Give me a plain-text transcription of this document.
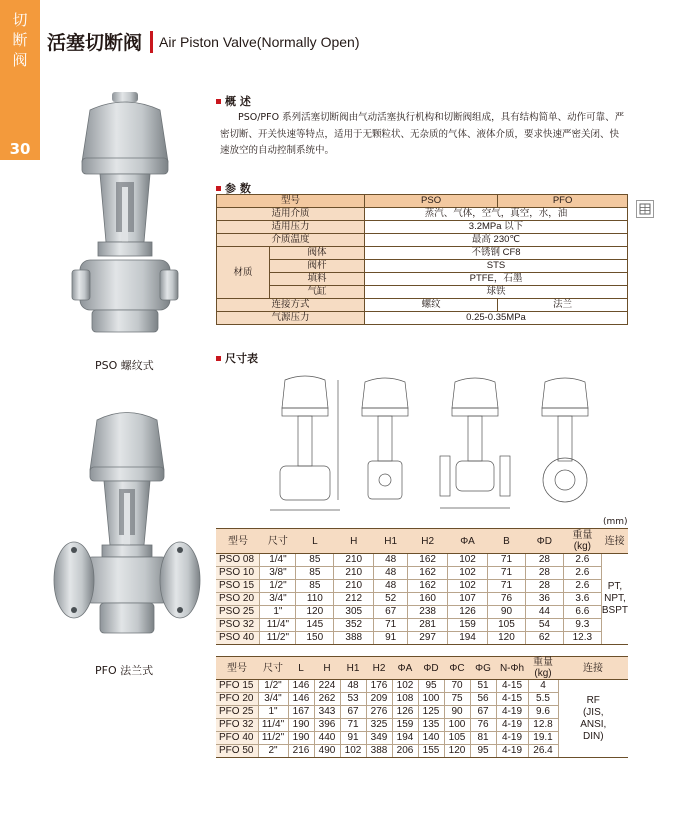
切
断
阀
30
活塞切断阀 Air Piston Valve(Normally Open)
PSO 螺纹式
PFO 法兰式
概 述
PSO/PFO 系列活塞切断阀由气动活塞执行机构和切断阀组成，具有结构简单、动作可靠、严密切断、开关快速等特点，适用于无颗粒状、无杂质的气体、液体介质，要求快速严密关闭、快速放空的自动控制系统中。
参 数
型号		PSO	PFO
适用介质		蒸汽、气体，空气，真空，水，油	
适用压力		3.2MPa 以下	
介质温度		最高 230℃	
材质	阀体	不锈钢 CF8	
	阀杆	STS	
	填料	PTFE，石墨	
	气缸	球铁	
连接方式		螺纹	法兰
气源压力		0.25-0.35MPa	
尺寸表
(mm)
型号	尺寸	L	H	H1	H2	ΦA	B	ΦD	重量
(kg)	连接
PSO 08	1/4"	85	210	48	162	102	71	28	2.6	PT,
NPT,
BSPT
PSO 10	3/8"	85	210	48	162	102	71	28	2.6	
PSO 15	1/2"	85	210	48	162	102	71	28	2.6	
PSO 20	3/4"	110	212	52	160	107	76	36	3.6	
PSO 25	1"	120	305	67	238	126	90	44	6.6	
PSO 32	11/4"	145	352	71	281	159	105	54	9.3	
PSO 40	11/2"	150	388	91	297	194	120	62	12.3	
型号	尺寸	L	H	H1	H2	ΦA	ΦD	ΦC	ΦG	N-Φh	重量
(kg)	连接
PFO 15	1/2"	146	224	48	176	102	95	70	51	4-15	4	RF
(JIS,
ANSI,
DIN)
PFO 20	3/4"	146	262	53	209	108	100	75	56	4-15	5.5	
PFO 25	1"	167	343	67	276	126	125	90	67	4-19	9.6	
PFO 32	11/4"	190	396	71	325	159	135	100	76	4-19	12.8	
PFO 40	11/2"	190	440	91	349	194	140	105	81	4-19	19.1	
PFO 50	2"	216	490	102	388	206	155	120	95	4-19	26.4	
